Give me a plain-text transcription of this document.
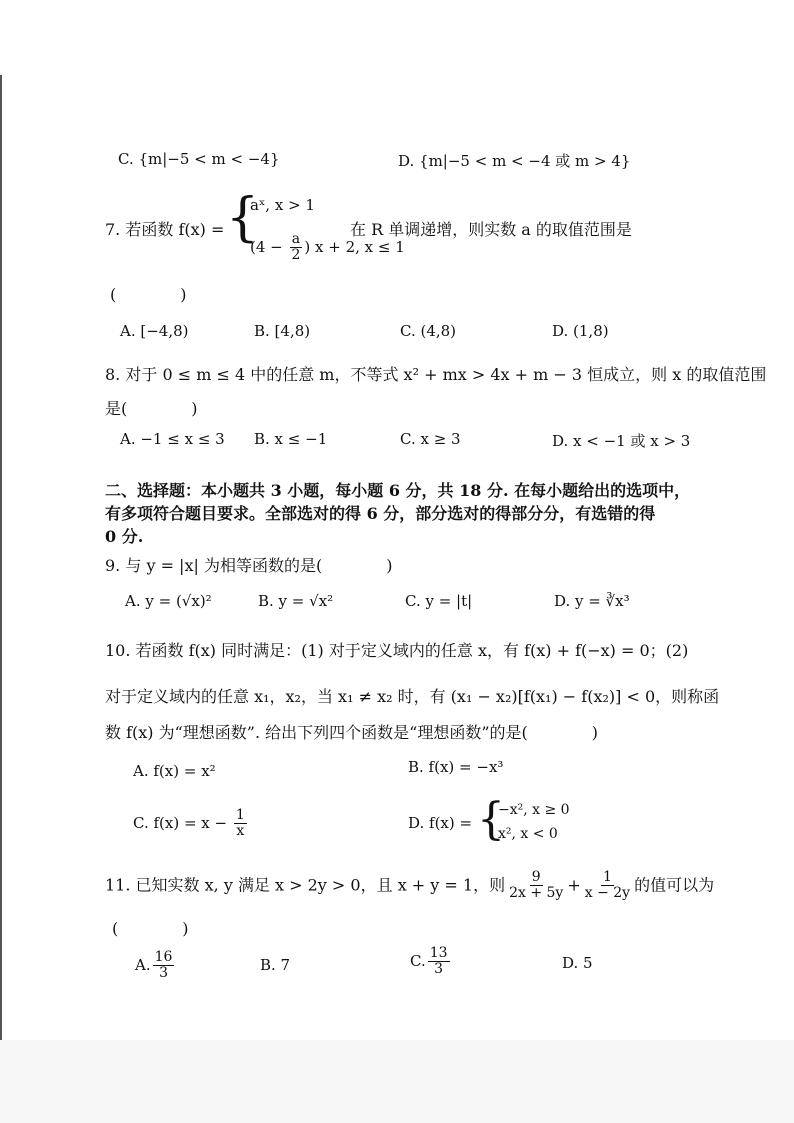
C. {m|−5 < m < −4}	D. {m|−5 < m < −4 或 m > 4}
7. 若函数 f(x) = {
aˣ, x > 1
($4 - \frac{a}{2}$ ) x + 2, x ≤ 1
在 R 单调递增，则实数 a 的取值范围是
(　　　　)
A. [−4,8)	B. [4,8)	C. (4,8)	D. (1,8)
8. 对于 0 ≤ m ≤ 4 中的任意 m，不等式 x² + mx > 4x + m − 3 恒成立，则 x 的取值范围
是(　　　　)
A. −1 ≤ x ≤ 3 B. x ≤ −1	C. x ≥ 3	D. x < −1 或 x > 3
二、选择题：本小题共 3 小题，每小题 6 分，共 18 分. 在每小题给出的选项中，
有多项符合题目要求。全部选对的得 6 分，部分选对的得部分分，有选错的得
0 分.
9. 与 y = |x| 为相等函数的是(　　　　)
A. y = (√x)²	B. y = √x²	C. y = |t|	D. y = ∛x³
10. 若函数 f(x) 同时满足：(1) 对于定义域内的任意 x，有 f(x) + f(−x) = 0；(2)
对于定义域内的任意 x₁，x₂，当 x₁ ≠ x₂ 时，有 (x₁ − x₂)[f(x₁) − f(x₂)] < 0，则称函
数 f(x) 为“理想函数”. 给出下列四个函数是“理想函数”的是(　　　　)
A. f(x) = x²	B. f(x) = −x³
C. $f(x) = x - \frac{1}{x}$	D. f(x) = {
−x², x ≥ 0
x², x < 0
11. 已知实数 x, y 满足 x > 2y > 0，且 x + y = 1，则 $\frac{9}{2x + 5y} + \frac{1}{x - 2y}$ 的值可以为
(　　　　)
A. $\frac{16}{3}$	B. 7	C. $\frac{13}{3}$	D. 5
